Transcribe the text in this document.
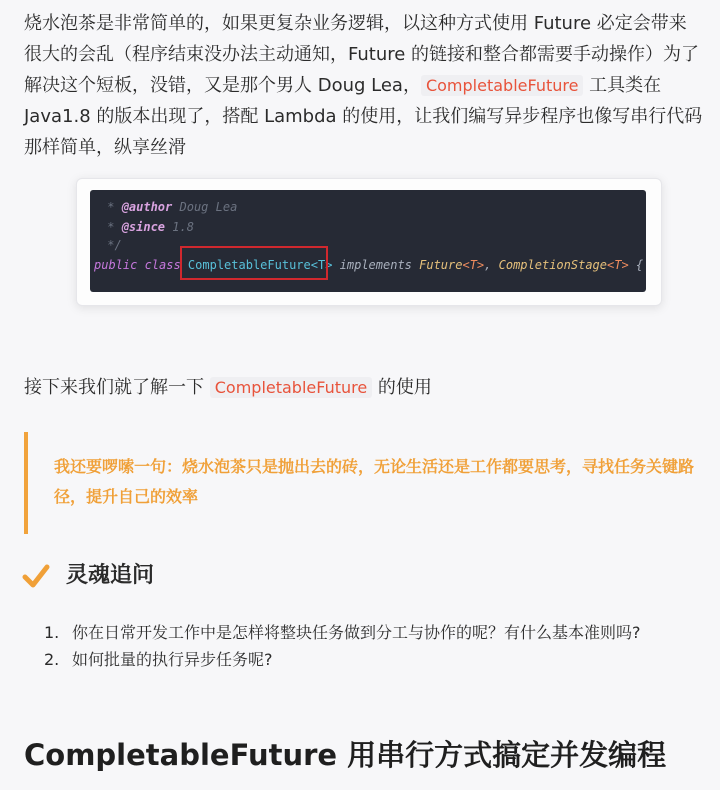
烧水泡茶是非常简单的，如果更复杂业务逻辑，以这种方式使用 Future 必定会带来很大的会乱（程序结束没办法主动通知，Future 的链接和整合都需要手动操作）为了解决这个短板，没错，又是那个男人 Doug Lea， CompletableFuture 工具类在 Java1.8 的版本出现了，搭配 Lambda 的使用，让我们编写异步程序也像写串行代码那样简单，纵享丝滑

* @author Doug Lea
* @since 1.8
*/
public class CompletableFuture<T> implements Future<T>, CompletionStage<T> {
接下来我们就了解一下 CompletableFuture 的使用
我还要啰嗦一句：烧水泡茶只是抛出去的砖，无论生活还是工作都要思考，寻找任务关键路径，提升自己的效率
灵魂追问
1. 你在日常开发工作中是怎样将整块任务做到分工与协作的呢？有什么基本准则吗?
2. 如何批量的执行异步任务呢?
CompletableFuture 用串行方式搞定并发编程
